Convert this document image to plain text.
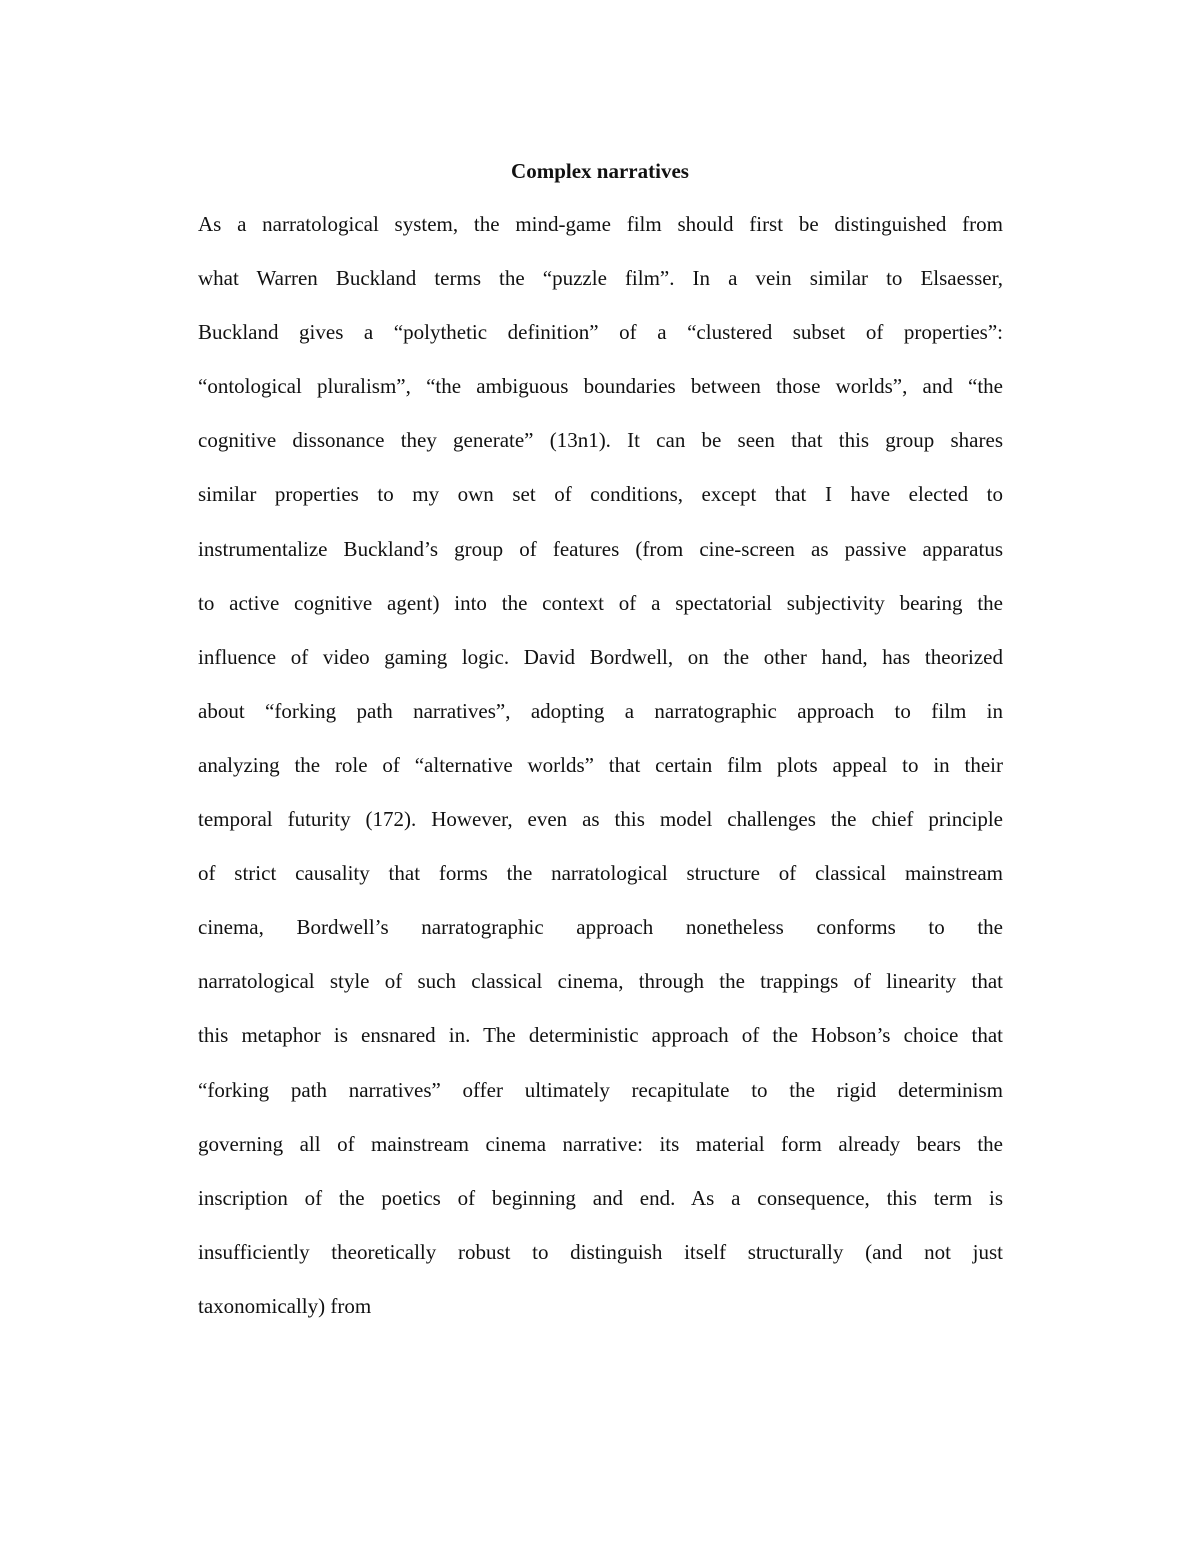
Complex narratives
As a narratological system, the mind-game film should first be distinguished from
what Warren Buckland terms the “puzzle film”. In a vein similar to Elsaesser,
Buckland gives a “polythetic definition” of a “clustered subset of properties”:
“ontological pluralism”, “the ambiguous boundaries between those worlds”, and “the
cognitive dissonance they generate” (13n1). It can be seen that this group shares
similar properties to my own set of conditions, except that I have elected to
instrumentalize Buckland’s group of features (from cine-screen as passive apparatus
to active cognitive agent) into the context of a spectatorial subjectivity bearing the
influence of video gaming logic. David Bordwell, on the other hand, has theorized
about “forking path narratives”, adopting a narratographic approach to film in
analyzing the role of “alternative worlds” that certain film plots appeal to in their
temporal futurity (172). However, even as this model challenges the chief principle
of strict causality that forms the narratological structure of classical mainstream
cinema, Bordwell’s narratographic approach nonetheless conforms to the
narratological style of such classical cinema, through the trappings of linearity that
this metaphor is ensnared in. The deterministic approach of the Hobson’s choice that
“forking path narratives” offer ultimately recapitulate to the rigid determinism
governing all of mainstream cinema narrative: its material form already bears the
inscription of the poetics of beginning and end. As a consequence, this term is
insufficiently theoretically robust to distinguish itself structurally (and not just
taxonomically) from
